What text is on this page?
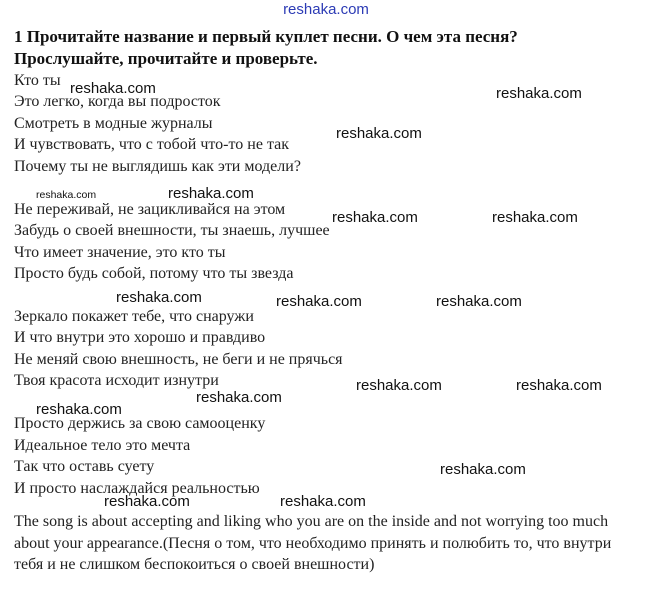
reshaka.com
1 Прочитайте название и первый куплет песни. О чем эта песня?
Прослушайте, прочитайте и проверьте.
Кто ты
Это легко, когда вы подросток
Смотреть в модные журналы
И чувствовать, что с тобой что-то не так
Почему ты не выглядишь как эти модели?
Не переживай, не зацикливайся на этом
Забудь о своей внешности, ты знаешь, лучшее
Что имеет значение, это кто ты
Просто будь собой, потому что ты звезда
Зеркало покажет тебе, что снаружи
И что внутри это хорошо и правдиво
Не меняй свою внешность, не беги и не прячься
Твоя красота исходит изнутри
Просто держись за свою самооценку
Идеальное тело это мечта
Так что оставь суету
И просто наслаждайся реальностью
The song is about accepting and liking who you are on the inside and not worrying too much about your appearance.(Песня о том, что необходимо принять и полюбить то, что внутри тебя и не слишком беспокоиться о своей внешности)
reshaka.com	reshaka.com
reshaka.com
reshaka.com	reshaka.com
reshaka.com	reshaka.com
reshaka.com	reshaka.com	reshaka.com
reshaka.com	reshaka.com
reshaka.com
reshaka.com
reshaka.com
reshaka.com	reshaka.com
